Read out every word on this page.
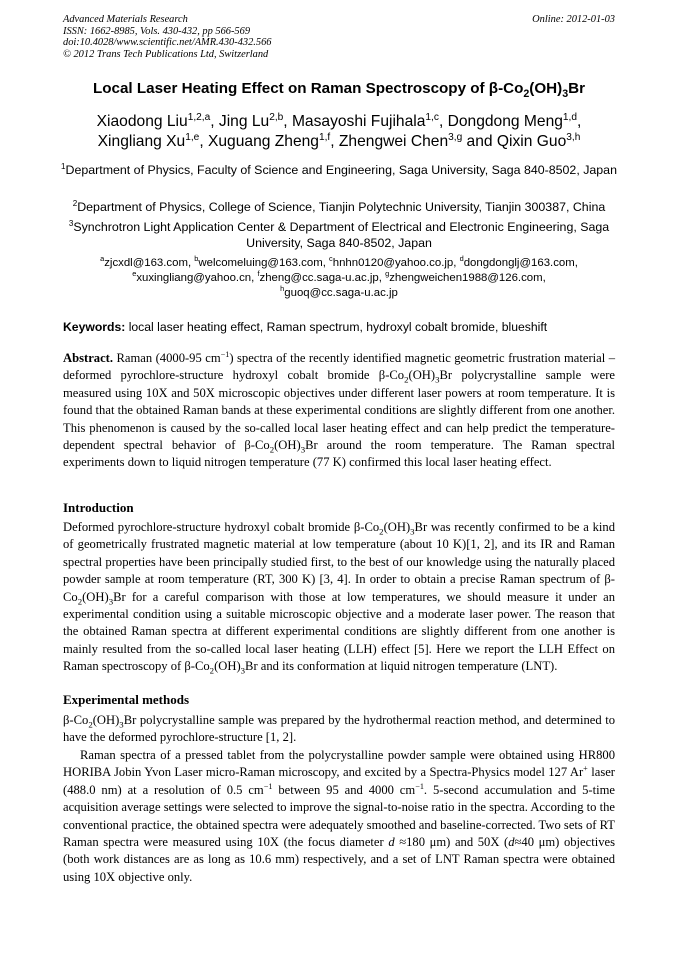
Advanced Materials Research
ISSN: 1662-8985, Vols. 430-432, pp 566-569
doi:10.4028/www.scientific.net/AMR.430-432.566
© 2012 Trans Tech Publications Ltd, Switzerland
Online: 2012-01-03
Local Laser Heating Effect on Raman Spectroscopy of $\beta-Co_2(OH)_3Br$
Xiaodong Liu$^{1,2,a}$, Jing Lu$^{2,b}$, Masayoshi Fujihala$^{1,c}$, Dongdong Meng$^{1,d}$,
Xingliang Xu$^{1,e}$, Xuguang Zheng$^{1,f}$, Zhengwei Chen$^{3,g}$ and Qixin Guo$^{3,h}$
$^1$Department of Physics, Faculty of Science and Engineering, Saga University, Saga 840-8502, Japan
$^2$Department of Physics, College of Science, Tianjin Polytechnic University, Tianjin 300387, China
$^3$Synchrotron Light Application Center & Department of Electrical and Electronic Engineering, Saga University, Saga 840-8502, Japan
$^a$zjcxdl@163.com, $^b$welcomeluing@163.com, $^c$hnhn0120@yahoo.co.jp, $^d$dongdonglj@163.com,
$^e$xuxingliang@yahoo.cn, $^f$zheng@cc.saga-u.ac.jp, $^g$zhengweichen1988@126.com,
$^h$guoq@cc.saga-u.ac.jp
Keywords: local laser heating effect, Raman spectrum, hydroxyl cobalt bromide, blueshift
Abstract. Raman (4000-95 $cm^{-1}$) spectra of the recently identified magnetic geometric frustration material – deformed pyrochlore-structure hydroxyl cobalt bromide $\beta-Co_2(OH)_3Br$ polycrystalline sample were measured using 10X and 50X microscopic objectives under different laser powers at room temperature. It is found that the obtained Raman bands at these experimental conditions are slightly different from one another. This phenomenon is caused by the so-called local laser heating effect and can help predict the temperature-dependent spectral behavior of $\beta-Co_2(OH)_3Br$ around the room temperature. The Raman spectral experiments down to liquid nitrogen temperature (77 K) confirmed this local laser heating effect.
Introduction
Deformed pyrochlore-structure hydroxyl cobalt bromide $\beta-Co_2(OH)_3Br$ was recently confirmed to be a kind of geometrically frustrated magnetic material at low temperature (about 10 K)[1, 2], and its IR and Raman spectral properties have been principally studied first, to the best of our knowledge using the naturally placed powder sample at room temperature (RT, 300 K) [3, 4]. In order to obtain a precise Raman spectrum of $\beta-Co_2(OH)_3Br$ for a careful comparison with those at low temperatures, we should measure it under an experimental condition using a suitable microscopic objective and a moderate laser power. The reason that the obtained Raman spectra at different experimental conditions are slightly different from one another is mainly resulted from the so-called local laser heating (LLH) effect [5]. Here we report the LLH Effect on Raman spectroscopy of $\beta-Co_2(OH)_3Br$ and its conformation at liquid nitrogen temperature (LNT).
Experimental methods
$\beta-Co_2(OH)_3Br$ polycrystalline sample was prepared by the hydrothermal reaction method, and determined to have the deformed pyrochlore-structure [1, 2].
Raman spectra of a pressed tablet from the polycrystalline powder sample were obtained using HR800 HORIBA Jobin Yvon Laser micro-Raman microscopy, and excited by a Spectra-Physics model 127 Ar+ laser (488.0 nm) at a resolution of 0.5 $cm^{-1}$ between 95 and 4000 $cm^{-1}$. 5-second accumulation and 5-time acquisition average settings were selected to improve the signal-to-noise ratio in the spectra. According to the conventional practice, the obtained spectra were adequately smoothed and baseline-corrected. Two sets of RT Raman spectra were measured using 10X (the focus diameter d ≈180 μm) and 50X (d≈40 μm) objectives (both work distances are as long as 10.6 mm) respectively, and a set of LNT Raman spectra were obtained using 10X objective only.
